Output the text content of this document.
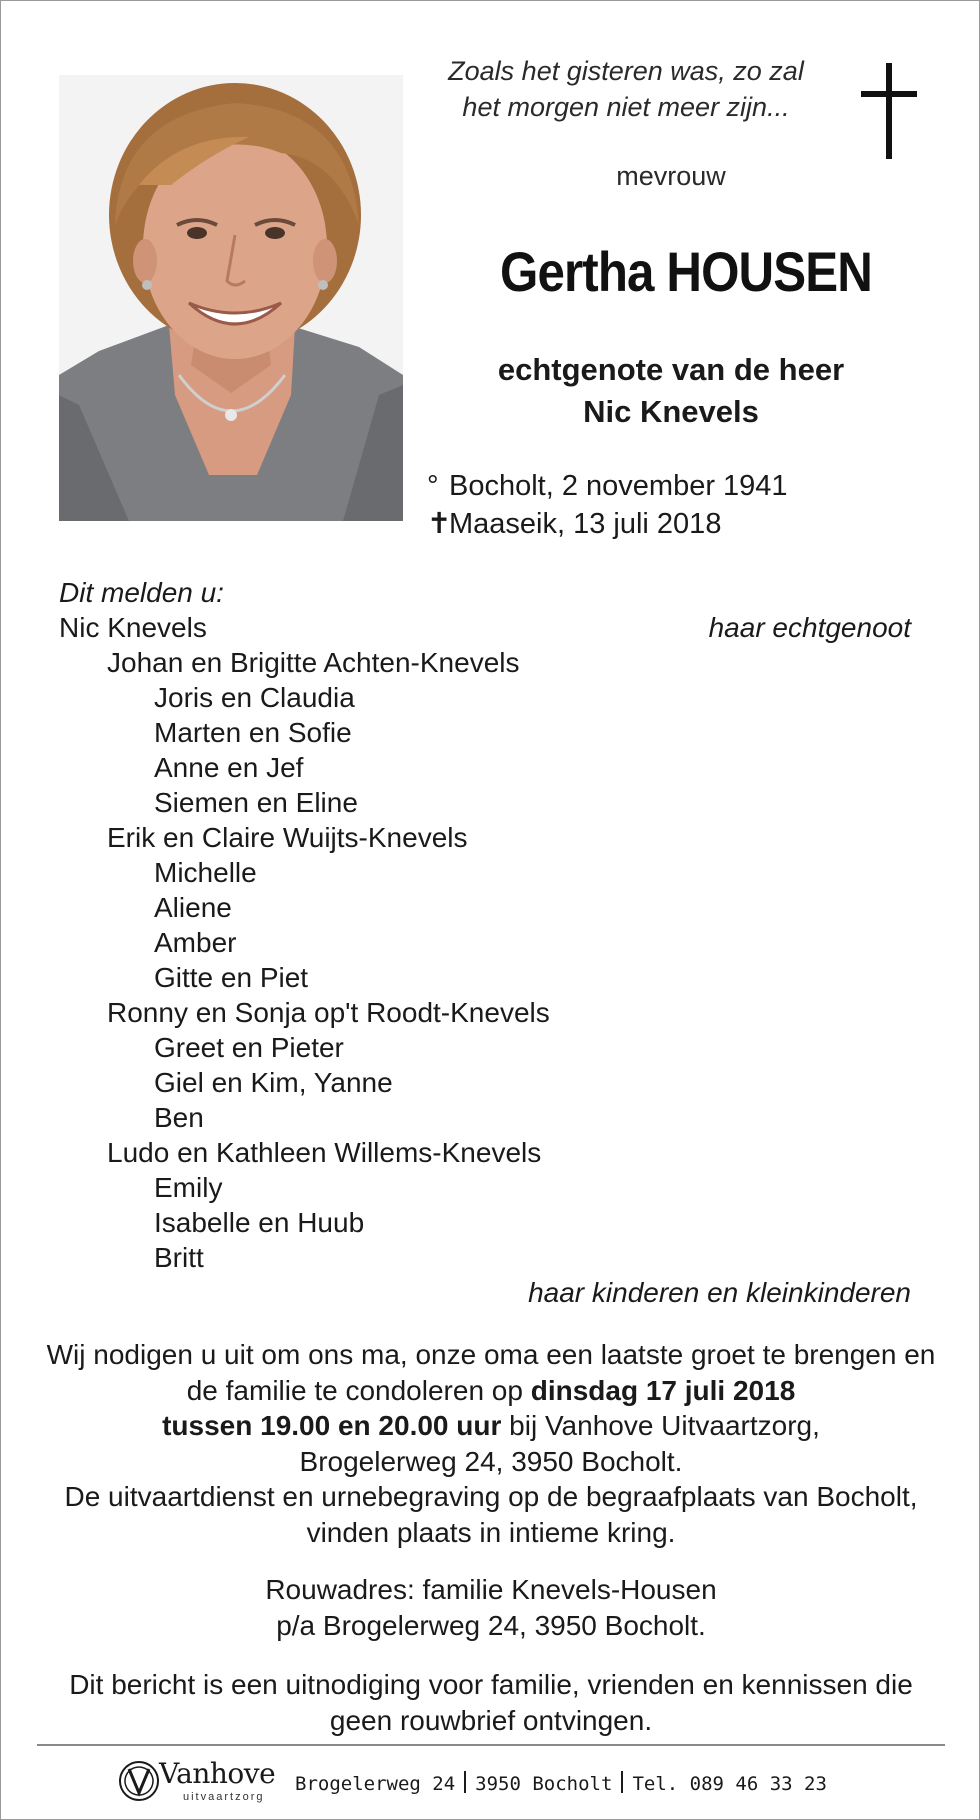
Zoals het gisteren was, zo zal
het morgen niet meer zijn...
mevrouw
Gertha HOUSEN
echtgenote van de heer
Nic Knevels
° Bocholt, 2 november 1941
✝Maaseik, 13 juli 2018
Dit melden u:
Nic Knevels	haar echtgenoot
Johan en Brigitte Achten-Knevels
Joris en Claudia
Marten en Sofie
Anne en Jef
Siemen en Eline
Erik en Claire Wuijts-Knevels
Michelle
Aliene
Amber
Gitte en Piet
Ronny en Sonja op't Roodt-Knevels
Greet en Pieter
Giel en Kim, Yanne
Ben
Ludo en Kathleen Willems-Knevels
Emily
Isabelle en Huub
Britt
haar kinderen en kleinkinderen
Wij nodigen u uit om ons ma, onze oma een laatste groet te brengen en de familie te condoleren op dinsdag 17 juli 2018
tussen 19.00 en 20.00 uur bij Vanhove Uitvaartzorg,
Brogelerweg 24, 3950 Bocholt.
De uitvaartdienst en urnebegraving op de begraafplaats van Bocholt, vinden plaats in intieme kring.
Rouwadres: familie Knevels-Housen
p/a Brogelerweg 24, 3950 Bocholt.
Dit bericht is een uitnodiging voor familie, vrienden en kennissen die geen rouwbrief ontvingen.
Vanhove
uitvaartzorg
Brogelerweg 24 3950 Bocholt Tel. 089 46 33 23
